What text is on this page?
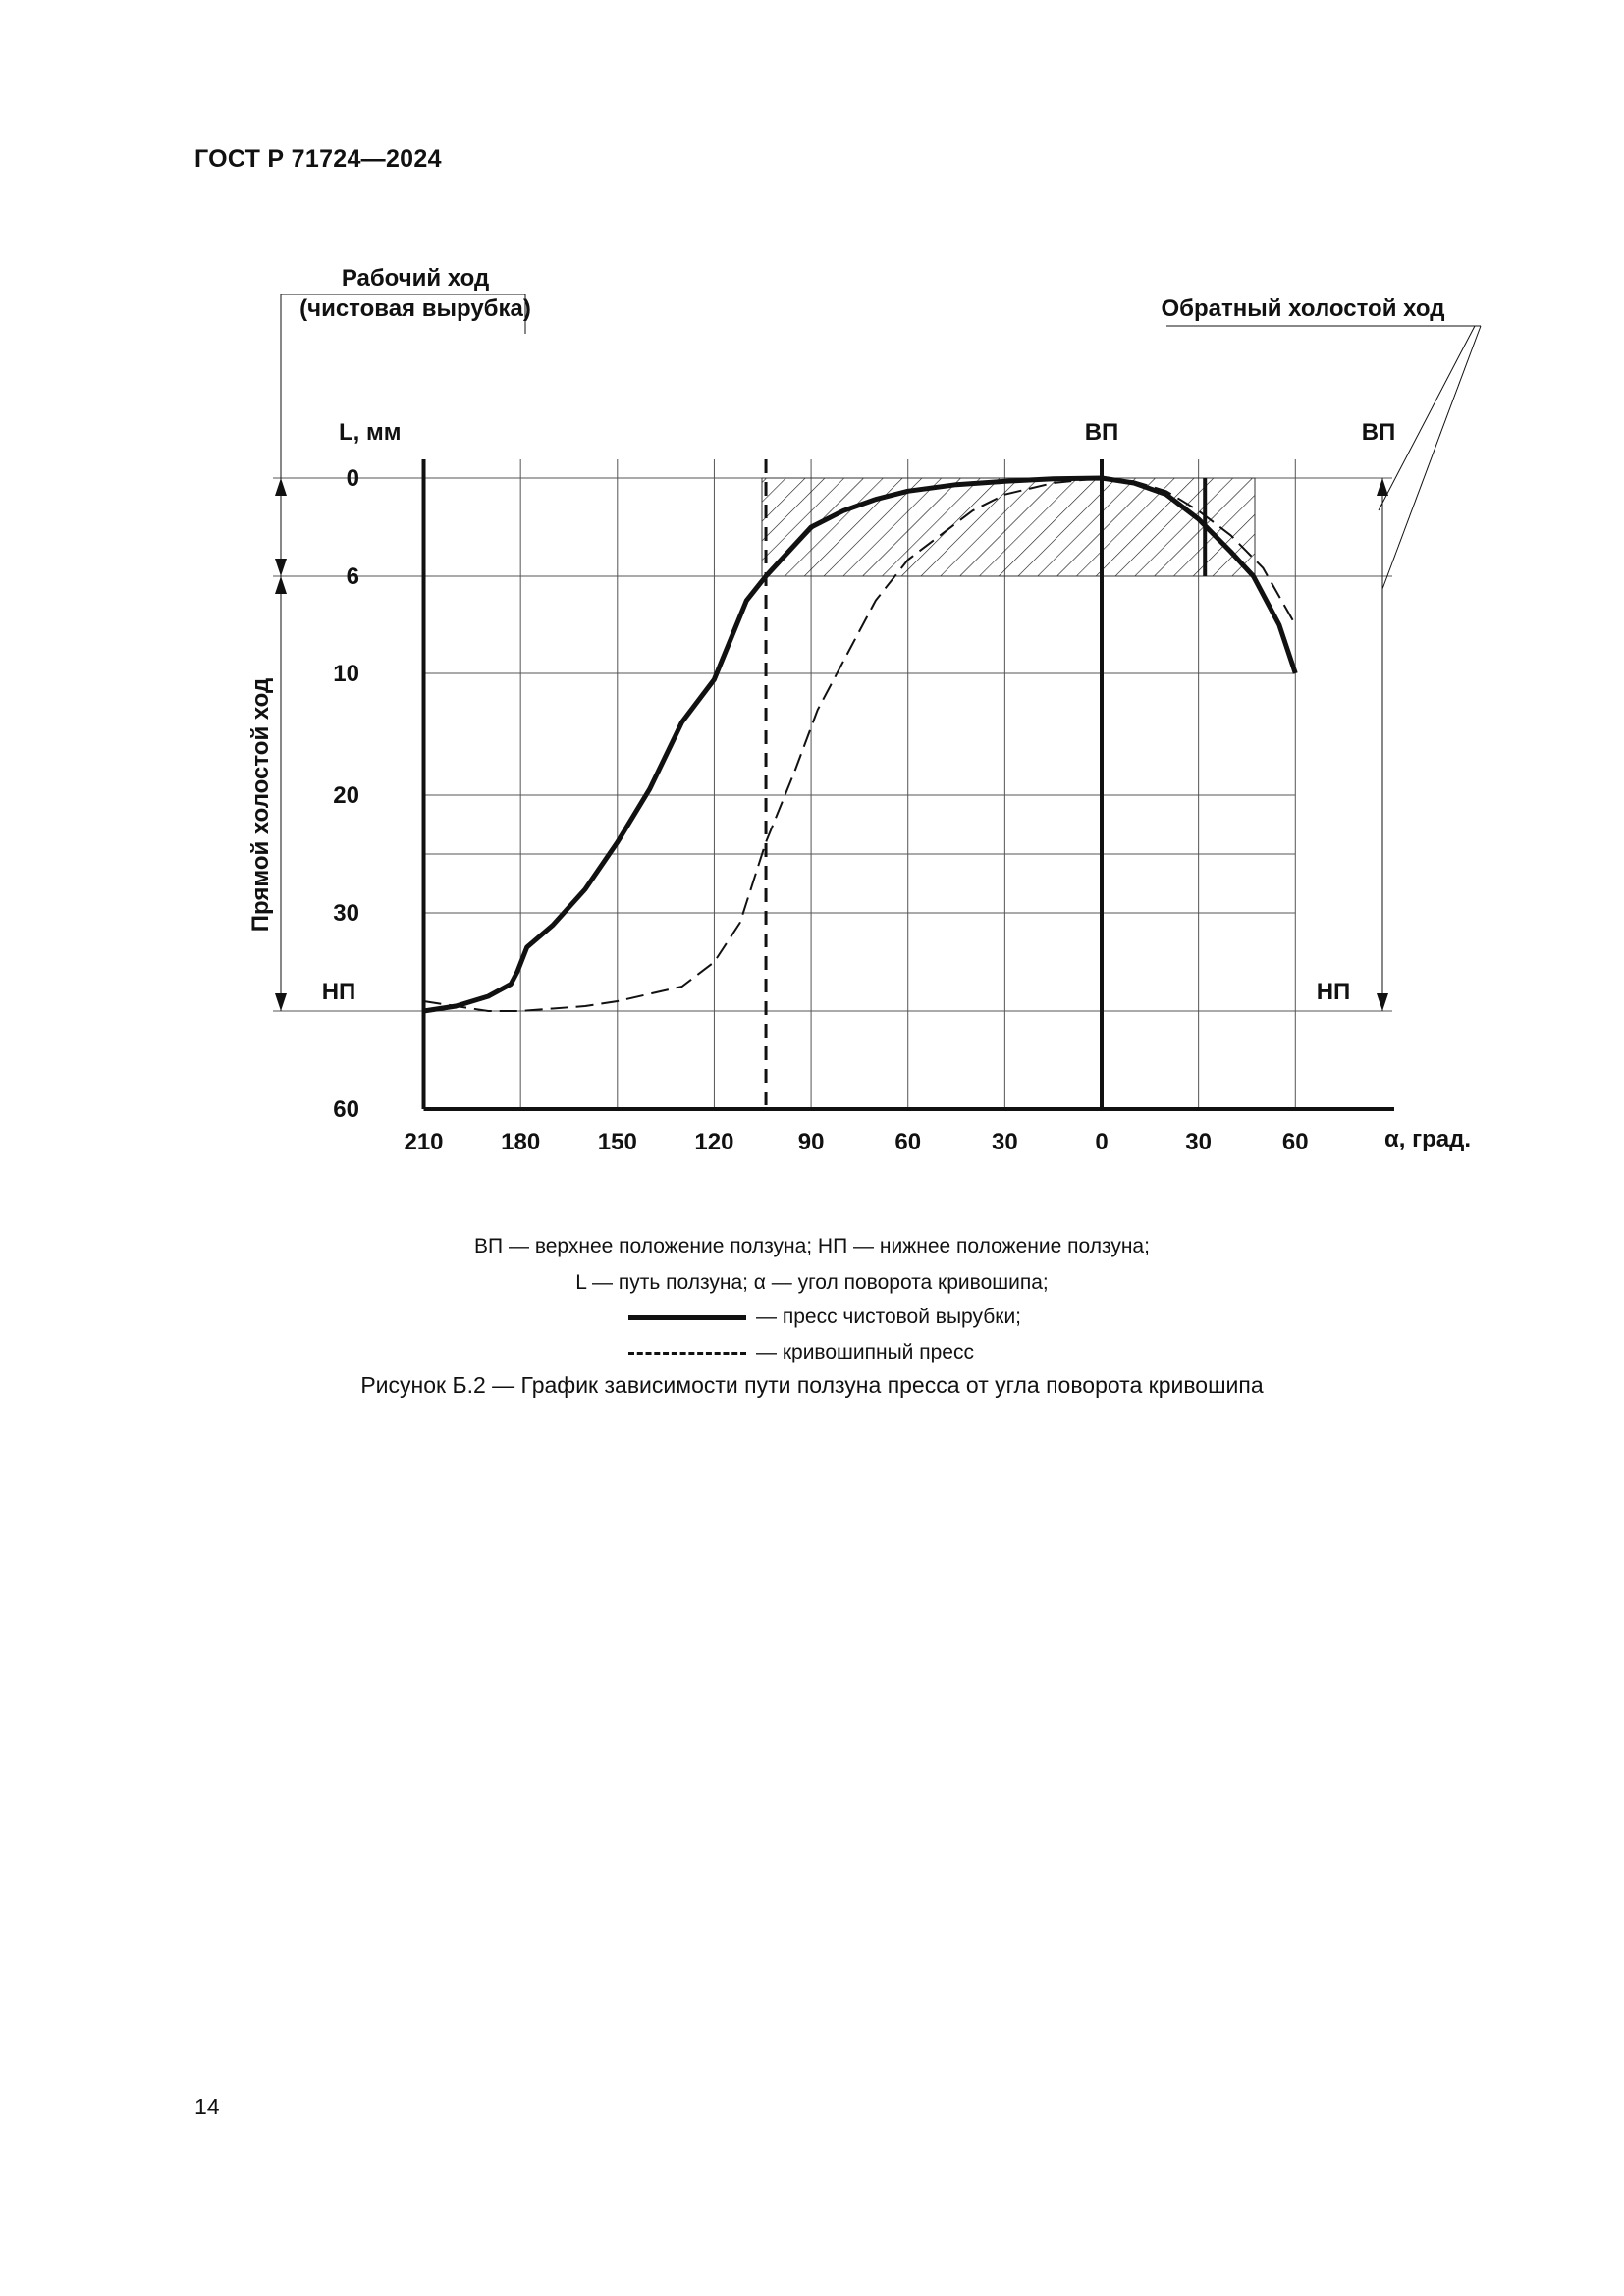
ГОСТ Р 71724—2024
210 180 150 120	90	60	30	0	30	60
0
6
10
20
30
60
L, мм
α, град.
ВП	ВП
НП	НП
Рабочий ход
(чистовая вырубка)	Обратный холостой ход
Прямой холостой ход
ВП — верхнее положение ползуна; НП — нижнее положение ползуна;
L — путь ползуна; α — угол поворота кривошипа;
— пресс чистовой вырубки;
— кривошипный пресс
Рисунок Б.2 — График зависимости пути ползуна пресса от угла поворота кривошипа
14
